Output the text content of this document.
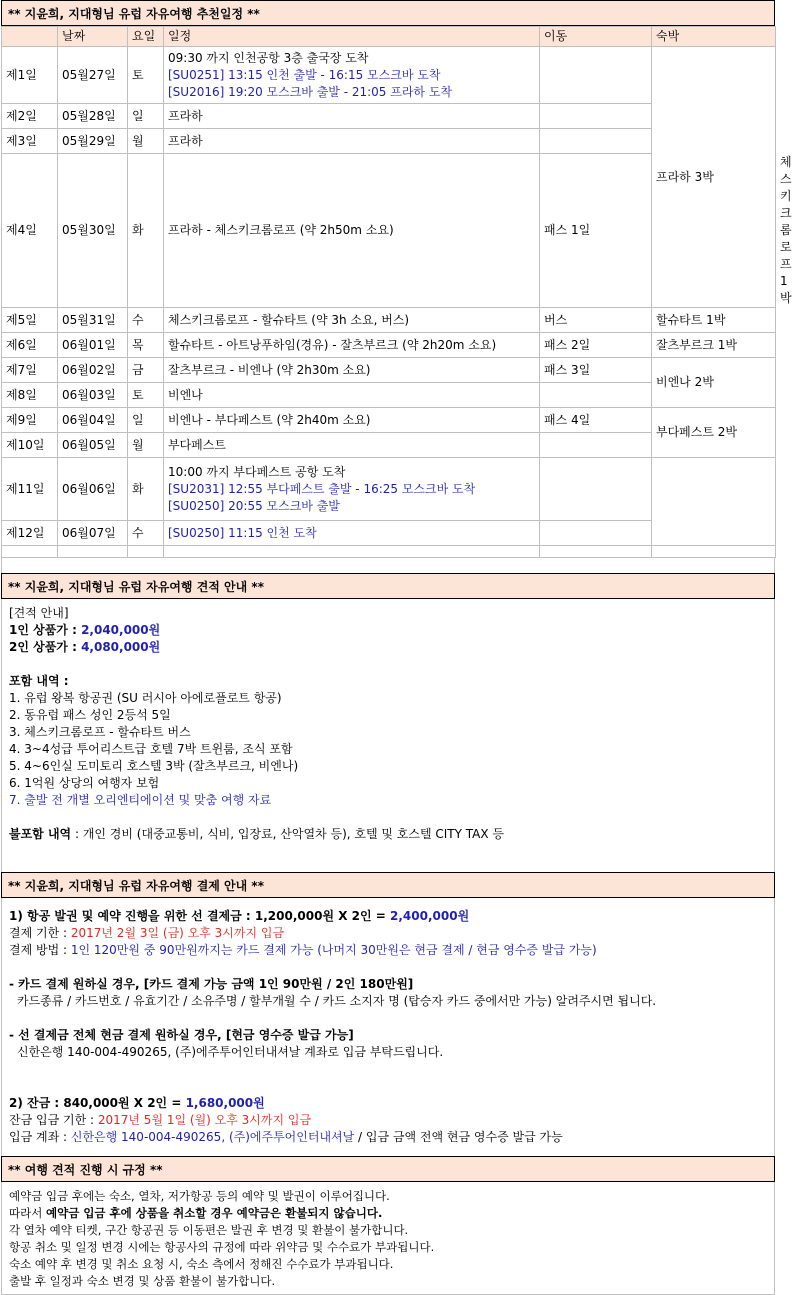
** 지윤희, 지대형님 유럽 자유여행 추천일정 **
	날짜	요일	일정	이동	숙박	
제1일	05월27일	토	09:30 까지 인천공항 3층 출국장 도착
[SU0251] 13:15 인천 출발 - 16:15 모스크바 도착
[SU2016] 19:20 모스크바 출발 - 21:05 프라하 도착		프라하 3박	
제2일	05월28일	일	프라하			

제3일	05월29일	월	프라하			

제4일	05월30일	화	프라하 - 체스키크롬로프 (약 2h50m 소요)	패스 1일		체스키크롬로프 1박
제5일	05월31일	수	체스키크롬로프 - 할슈타트 (약 3h 소요, 버스)	버스	할슈타트 1박	
제6일	06월01일	목	할슈타트 - 아트낭푸하임(경유) - 잘츠부르크 (약 2h20m 소요)	패스 2일	잘츠부르크 1박	
제7일	06월02일	금	잘츠부르크 - 비엔나 (약 2h30m 소요)	패스 3일	비엔나 2박	
제8일	06월03일	토	비엔나			

제9일	06월04일	일	비엔나 - 부다페스트 (약 2h40m 소요)	패스 4일	부다페스트 2박	
제10일	06월05일	월	부다페스트			

제11일	06월06일	화	10:00 까지 부다페스트 공항 도착
[SU2031] 12:55 부다페스트 출발 - 16:25 모스크바 도착
[SU0250] 20:55 모스크바 출발			

제12일	06월07일	수	[SU0250] 11:15 인천 도착			

** 지윤희, 지대형님 유럽 자유여행 견적 안내 **
[견적 안내]
1인 상품가 : 2,040,000원
2인 상품가 : 4,080,000원
포함 내역 :
1. 유럽 왕복 항공권 (SU 러시아 아에로플로트 항공)
2. 동유럽 패스 성인 2등석 5일
3. 체스키크롬로프 - 할슈타트 버스
4. 3~4성급 투어리스트급 호텔 7박 트윈룸, 조식 포함
5. 4~6인실 도미토리 호스텔 3박 (잘츠부르크, 비엔나)
6. 1억원 상당의 여행자 보험
7. 출발 전 개별 오리엔티에이션 및 맞춤 여행 자료
불포함 내역 : 개인 경비 (대중교통비, 식비, 입장료, 산악열차 등), 호텔 및 호스텔 CITY TAX 등
** 지윤희, 지대형님 유럽 자유여행 결제 안내 **
1) 항공 발권 및 예약 진행을 위한 선 결제금 : 1,200,000원 X 2인 = 2,400,000원
결제 기한 : 2017년 2월 3일 (금) 오후 3시까지 입금
결제 방법 : 1인 120만원 중 90만원까지는 카드 결제 가능 (나머지 30만원은 현금 결제 / 현금 영수증 발급 가능)
- 카드 결제 원하실 경우, [카드 결제 가능 금액 1인 90만원 / 2인 180만원]
카드종류 / 카드번호 / 유효기간 / 소유주명 / 할부개월 수 / 카드 소지자 명 (탑승자 카드 중에서만 가능) 알려주시면 됩니다.
- 선 결제금 전체 현금 결제 원하실 경우, [현금 영수증 발급 가능]
신한은행 140-004-490265, (주)에주투어인터내셔날 계좌로 입금 부탁드립니다.
2) 잔금 : 840,000원 X 2인 = 1,680,000원
잔금 입금 기한 : 2017년 5월 1일 (월) 오후 3시까지 입금
입금 계좌 : 신한은행 140-004-490265, (주)에주투어인터내셔날 / 입금 금액 전액 현금 영수증 발급 가능
** 여행 견적 진행 시 규정 **
예약금 입금 후에는 숙소, 열차, 저가항공 등의 예약 및 발권이 이루어집니다.
따라서 예약금 입금 후에 상품을 취소할 경우 예약금은 환불되지 않습니다.
각 열차 예약 티켓, 구간 항공권 등 이동편은 발권 후 변경 및 환불이 불가합니다.
항공 취소 및 일정 변경 시에는 항공사의 규정에 따라 위약금 및 수수료가 부과됩니다.
숙소 예약 후 변경 및 취소 요청 시, 숙소 측에서 정해진 수수료가 부과됩니다.
출발 후 일정과 숙소 변경 및 상품 환불이 불가합니다.
